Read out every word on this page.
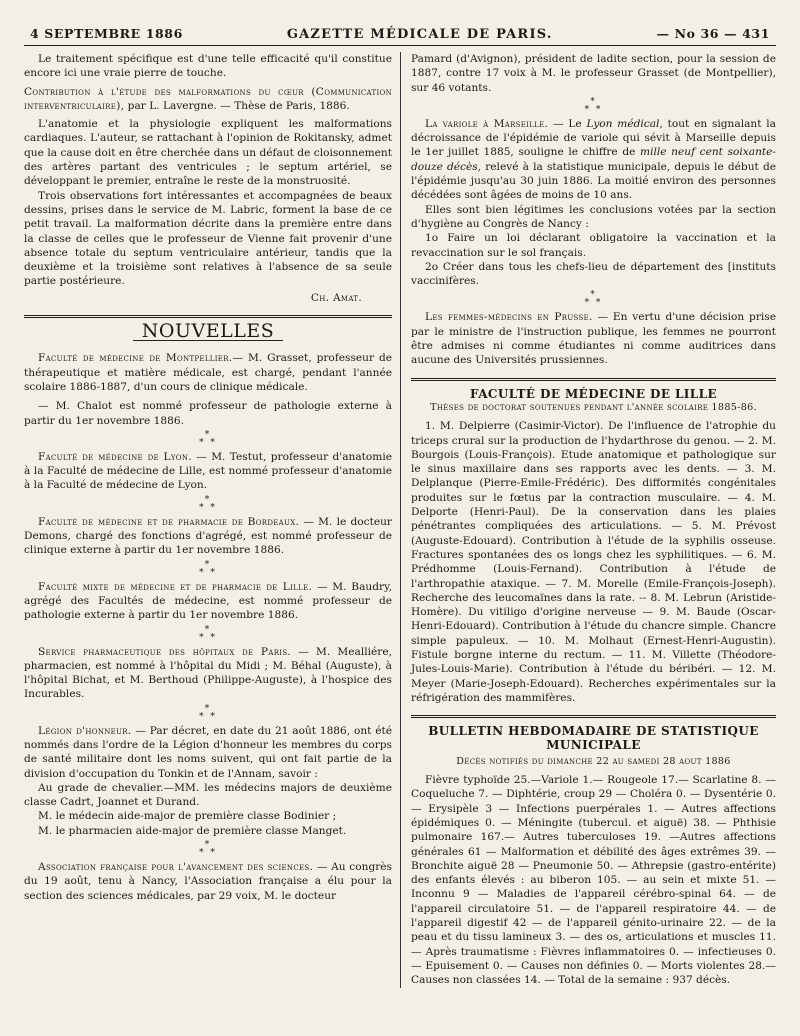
4 SEPTEMBRE 1886	GAZETTE MÉDICALE DE PARIS.	— No 36 — 431

Le traitement spécifique est d'une telle efficacité qu'il constitue encore ici une vraie pierre de touche.

Contribution à l'étude des malformations du cœur (Communication interventriculaire), par L. Lavergne. — Thèse de Paris, 1886.

L'anatomie et la physiologie expliquent les malformations cardiaques. L'auteur, se rattachant à l'opinion de Rokitansky, admet que la cause doit en être cherchée dans un défaut de cloisonnement des artères partant des ventricules ; le septum artériel, se développant le premier, entraîne le reste de la monstruosité.

Trois observations fort intéressantes et accompagnées de beaux dessins, prises dans le service de M. Labric, forment la base de ce petit travail. La malformation décrite dans la première entre dans la classe de celles que le professeur de Vienne fait provenir d'une absence totale du septum ventriculaire antérieur, tandis que la deuxième et la troisième sont relatives à l'absence de sa seule partie postérieure.

Ch. Amat.
NOUVELLES

Faculté de médecine de Montpellier.— M. Grasset, professeur de thérapeutique et matière médicale, est chargé, pendant l'année scolaire 1886-1887, d'un cours de clinique médicale.

— M. Chalot est nommé professeur de pathologie externe à partir du 1er novembre 1886.

*
* *

Faculté de médecine de Lyon. — M. Testut, professeur d'anatomie à la Faculté de médecine de Lille, est nommé professeur d'anatomie à la Faculté de médecine de Lyon.

*
* *

Faculté de médecine et de pharmacie de Bordeaux. — M. le docteur Demons, chargé des fonctions d'agrégé, est nommé professeur de clinique externe à partir du 1er novembre 1886.

*
* *

Faculté mixte de médecine et de pharmacie de Lille. — M. Baudry, agrégé des Facultés de médecine, est nommé professeur de pathologie externe à partir du 1er novembre 1886.

*
* *

Service pharmaceutique des hôpitaux de Paris. — M. Mealliére, pharmacien, est nommé à l'hôpital du Midi ; M. Béhal (Auguste), à l'hôpital Bichat, et M. Berthoud (Philippe-Auguste), à l'hospice des Incurables.

*
* *

Légion d'honneur. — Par décret, en date du 21 août 1886, ont été nommés dans l'ordre de la Légion d'honneur les membres du corps de santé militaire dont les noms suivent, qui ont fait partie de la division d'occupation du Tonkin et de l'Annam, savoir :

Au grade de chevalier.—MM. les médecins majors de deuxième classe Cadrt, Joannet et Durand.

M. le médecin aide-major de première classe Bodinier ;

M. le pharmacien aide-major de première classe Manget.

*
* *

Association française pour l'avancement des sciences. — Au congrès du 19 août, tenu à Nancy, l'Association française a élu pour la section des sciences médicales, par 29 voix, M. le docteur

Pamard (d'Avignon), président de ladite section, pour la session de 1887, contre 17 voix à M. le professeur Grasset (de Montpellier), sur 46 votants.

*
* *

La variole à Marseille. — Le Lyon médical, tout en signalant la décroissance de l'épidémie de variole qui sévit à Marseille depuis le 1er juillet 1885, souligne le chiffre de mille neuf cent soixante-douze décès, relevé à la statistique municipale, depuis le début de l'épidémie jusqu'au 30 juin 1886. La moitié environ des personnes décédées sont âgées de moins de 10 ans.

Elles sont bien légitimes les conclusions votées par la section d'hygiène au Congrès de Nancy :

1o Faire un loi déclarant obligatoire la vaccination et la revaccination sur le sol français.

2o Créer dans tous les chefs-lieu de département des [instituts vaccinifères.

*
* *

Les femmes-médecins en Prusse. — En vertu d'une décision prise par le ministre de l'instruction publique, les femmes ne pourront être admises ni comme étudiantes ni comme auditrices dans aucune des Universités prussiennes.

FACULTÉ DE MÉDECINE DE LILLE
Thèses de doctorat soutenues pendant l'année scolaire 1885-86.

1. M. Delpierre (Casimir-Victor). De l'influence de l'atrophie du triceps crural sur la production de l'hydarthrose du genou. — 2. M. Bourgois (Louis-François). Etude anatomique et pathologique sur le sinus maxillaire dans ses rapports avec les dents. — 3. M. Delplanque (Pierre-Emile-Frédéric). Des difformités congénitales produites sur le fœtus par la contraction musculaire. — 4. M. Delporte (Henri-Paul). De la conservation dans les plaies pénétrantes compliquées des articulations. — 5. M. Prévost (Auguste-Edouard). Contribution à l'étude de la syphilis osseuse. Fractures spontanées des os longs chez les syphilitiques. — 6. M. Prédhomme (Louis-Fernand). Contribution à l'étude de l'arthropathie ataxique. — 7. M. Morelle (Emile-François-Joseph). Recherche des leucomaïnes dans la rate. -- 8. M. Lebrun (Aristide-Homère). Du vitiligo d'origine nerveuse — 9. M. Baude (Oscar-Henri-Edouard). Contribution à l'étude du chancre simple. Chancre simple papuleux. — 10. M. Molhaut (Ernest-Henri-Augustin). Fistule borgne interne du rectum. — 11. M. Villette (Théodore-Jules-Louis-Marie). Contribution à l'étude du béribéri. — 12. M. Meyer (Marie-Joseph-Edouard). Recherches expérimentales sur la réfrigération des mammifères.

BULLETIN HEBDOMADAIRE DE STATISTIQUE MUNICIPALE
Décès notifiés du dimanche 22 au samedi 28 aout 1886

Fièvre typhoïde 25.—Variole 1.— Rougeole 17.— Scarlatine 8. — Coqueluche 7. — Diphtérie, croup 29 — Choléra 0. — Dysentérie 0. — Erysipèle 3 — Infections puerpérales 1. — Autres affections épidémiques 0. — Méningite (tubercul. et aiguë) 38. — Phthisie pulmonaire 167.— Autres tuberculoses 19. —Autres affections générales 61 — Malformation et débilité des âges extrêmes 39. — Bronchite aiguë 28 — Pneumonie 50. — Athrepsie (gastro-entérite) des enfants élevés : au biberon 105. — au sein et mixte 51. — Inconnu 9 — Maladies de l'appareil cérébro-spinal 64. — de l'appareil circulatoire 51. — de l'appareil respiratoire 44. — de l'appareil digestif 42 — de l'appareil génito-urinaire 22. — de la peau et du tissu lamineux 3. — des os, articulations et muscles 11. — Après traumatisme : Fièvres inflammatoires 0. — infectieuses 0. — Epuisement 0. — Causes non définies 0. — Morts violentes 28.— Causes non classées 14. — Total de la semaine : 937 décès.
